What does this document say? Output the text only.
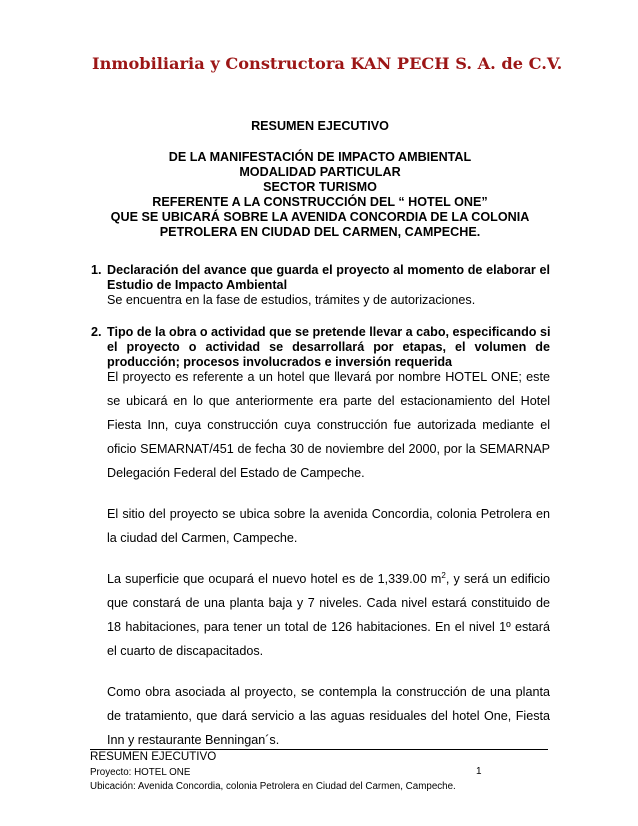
Inmobiliaria y Constructora KAN PECH S. A. de C.V.
RESUMEN EJECUTIVO
DE LA MANIFESTACIÓN DE IMPACTO AMBIENTAL
MODALIDAD PARTICULAR
SECTOR TURISMO
REFERENTE A LA CONSTRUCCIÓN DEL “ HOTEL ONE”
QUE SE UBICARÁ SOBRE LA AVENIDA CONCORDIA DE LA COLONIA
PETROLERA EN CIUDAD DEL CARMEN, CAMPECHE.
1. Declaración del avance que guarda el proyecto al momento de elaborar el
Estudio de Impacto Ambiental
Se encuentra en la fase de estudios, trámites y de autorizaciones.
2. Tipo de la obra o actividad que se pretende llevar a cabo, especificando si
el proyecto o actividad se desarrollará por etapas, el volumen de
producción; procesos involucrados e inversión requerida
El proyecto es referente a un hotel que llevará por nombre HOTEL ONE; este
se ubicará en lo que anteriormente era parte del estacionamiento del Hotel
Fiesta Inn, cuya construcción cuya construcción fue autorizada mediante el
oficio SEMARNAT/451 de fecha 30 de noviembre del 2000, por la SEMARNAP
Delegación Federal del Estado de Campeche.
El sitio del proyecto se ubica sobre la avenida Concordia, colonia Petrolera en
la ciudad del Carmen, Campeche.
La superficie que ocupará el nuevo hotel es de 1,339.00 $m^2$, y será un edificio
que constará de una planta baja y 7 niveles. Cada nivel estará constituido de
18 habitaciones, para tener un total de 126 habitaciones. En el nivel 1º estará
el cuarto de discapacitados.
Como obra asociada al proyecto, se contempla la construcción de una planta
de tratamiento, que dará servicio a las aguas residuales del hotel One, Fiesta
Inn y restaurante Benningan´s.
RESUMEN EJECUTIVO
Proyecto: HOTEL ONE	1
Ubicación: Avenida Concordia, colonia Petrolera en Ciudad del Carmen, Campeche.
